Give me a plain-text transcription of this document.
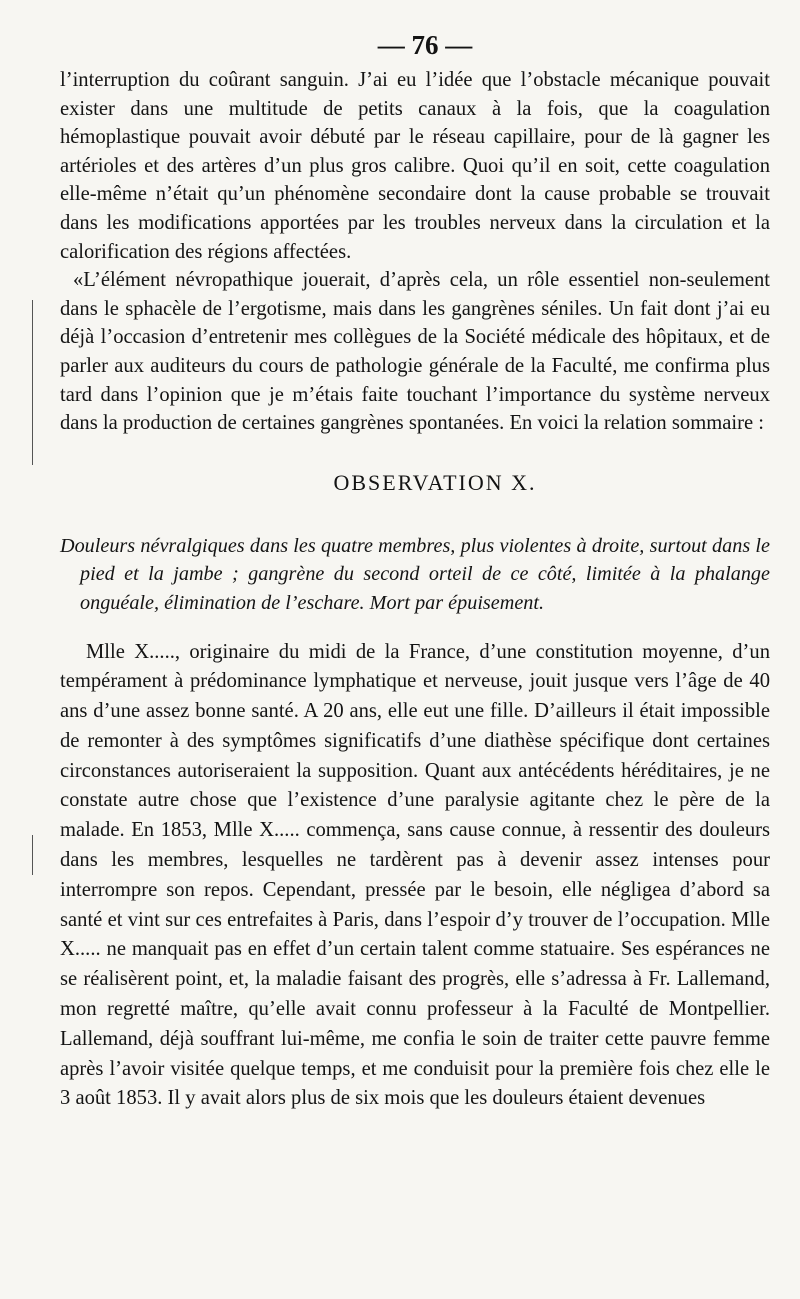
— 76 —

l’interruption du coûrant sanguin. J’ai eu l’idée que l’obstacle mécanique pouvait exister dans une multitude de petits canaux à la fois, que la coagulation hémoplastique pouvait avoir débuté par le réseau capillaire, pour de là gagner les artérioles et des artères d’un plus gros calibre. Quoi qu’il en soit, cette coagulation elle-même n’était qu’un phénomène secondaire dont la cause probable se trouvait dans les modifications apportées par les troubles nerveux dans la circulation et la calorification des régions affectées.

«L’élément névropathique jouerait, d’après cela, un rôle essentiel non-seulement dans le sphacèle de l’ergotisme, mais dans les gangrènes séniles. Un fait dont j’ai eu déjà l’occasion d’entretenir mes collègues de la Société médicale des hôpitaux, et de parler aux auditeurs du cours de pathologie générale de la Faculté, me confirma plus tard dans l’opinion que je m’étais faite touchant l’importance du système nerveux dans la production de certaines gangrènes spontanées. En voici la relation sommaire :

OBSERVATION X.

Douleurs névralgiques dans les quatre membres, plus violentes à droite, surtout dans le pied et la jambe ; gangrène du second orteil de ce côté, limitée à la phalange onguéale, élimination de l’eschare. Mort par épuisement.

Mlle X....., originaire du midi de la France, d’une constitution moyenne, d’un tempérament à prédominance lymphatique et nerveuse, jouit jusque vers l’âge de 40 ans d’une assez bonne santé. A 20 ans, elle eut une fille. D’ailleurs il était impossible de remonter à des symptômes significatifs d’une diathèse spécifique dont certaines circonstances autoriseraient la supposition. Quant aux antécédents héréditaires, je ne constate autre chose que l’existence d’une paralysie agitante chez le père de la malade. En 1853, Mlle X..... commença, sans cause connue, à ressentir des douleurs dans les membres, lesquelles ne tardèrent pas à devenir assez intenses pour interrompre son repos. Cependant, pressée par le besoin, elle négligea d’abord sa santé et vint sur ces entrefaites à Paris, dans l’espoir d’y trouver de l’occupation. Mlle X..... ne manquait pas en effet d’un certain talent comme statuaire. Ses espérances ne se réalisèrent point, et, la maladie faisant des progrès, elle s’adressa à Fr. Lallemand, mon regretté maître, qu’elle avait connu professeur à la Faculté de Montpellier. Lallemand, déjà souffrant lui-même, me confia le soin de traiter cette pauvre femme après l’avoir visitée quelque temps, et me conduisit pour la première fois chez elle le 3 août 1853. Il y avait alors plus de six mois que les douleurs étaient devenues
